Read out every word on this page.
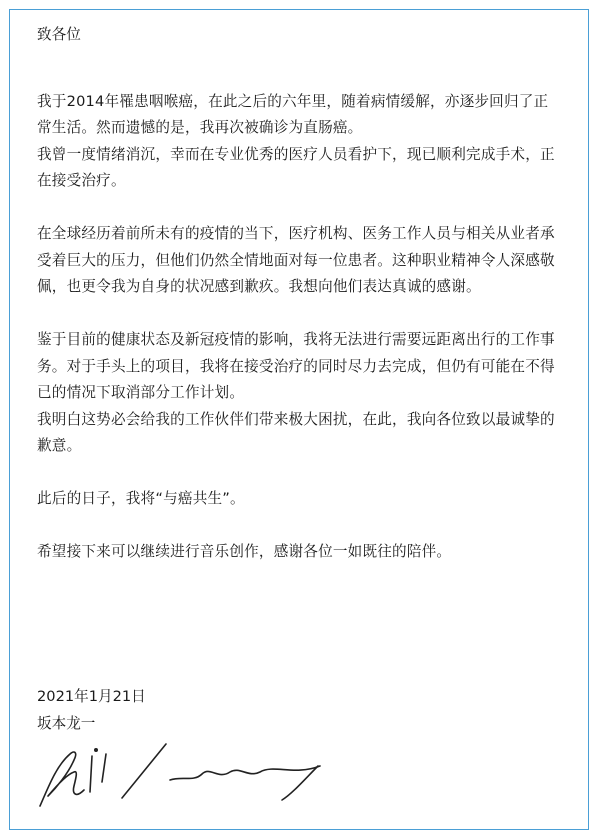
致各位

我于2014年罹患咽喉癌，在此之后的六年里，随着病情缓解，亦逐步回归了正常生活。然而遗憾的是，我再次被确诊为直肠癌。

我曾一度情绪消沉，幸而在专业优秀的医疗人员看护下，现已顺利完成手术，正在接受治疗。

在全球经历着前所未有的疫情的当下，医疗机构、医务工作人员与相关从业者承受着巨大的压力，但他们仍然全情地面对每一位患者。这种职业精神令人深感敬佩，也更令我为自身的状况感到歉疚。我想向他们表达真诚的感谢。

鉴于目前的健康状态及新冠疫情的影响，我将无法进行需要远距离出行的工作事务。对于手头上的项目，我将在接受治疗的同时尽力去完成，但仍有可能在不得已的情况下取消部分工作计划。

我明白这势必会给我的工作伙伴们带来极大困扰，在此，我向各位致以最诚挚的歉意。

此后的日子，我将“与癌共生”。

希望接下来可以继续进行音乐创作，感谢各位一如既往的陪伴。

2021年1月21日

坂本龙一
